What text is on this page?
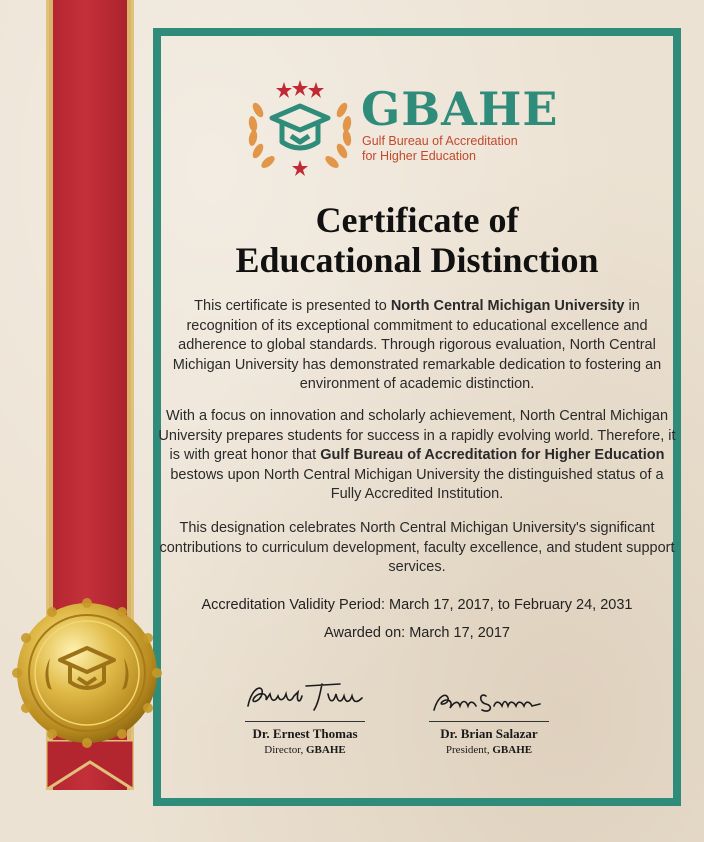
GBAHE
Gulf Bureau of Accreditation
for Higher Education
Certificate of
Educational Distinction
This certificate is presented to North Central Michigan University in recognition of its exceptional commitment to educational excellence and adherence to global standards. Through rigorous evaluation, North Central Michigan University has demonstrated remarkable dedication to fostering an environment of academic distinction.
With a focus on innovation and scholarly achievement, North Central Michigan University prepares students for success in a rapidly evolving world. Therefore, it is with great honor that Gulf Bureau of Accreditation for Higher Education bestows upon North Central Michigan University the distinguished status of a Fully Accredited Institution.
This designation celebrates North Central Michigan University's significant contributions to curriculum development, faculty excellence, and student support services.
Accreditation Validity Period: March 17, 2017, to February 24, 2031
Awarded on: March 17, 2017
Dr. Ernest Thomas
Director, GBAHE
Dr. Brian Salazar
President, GBAHE
